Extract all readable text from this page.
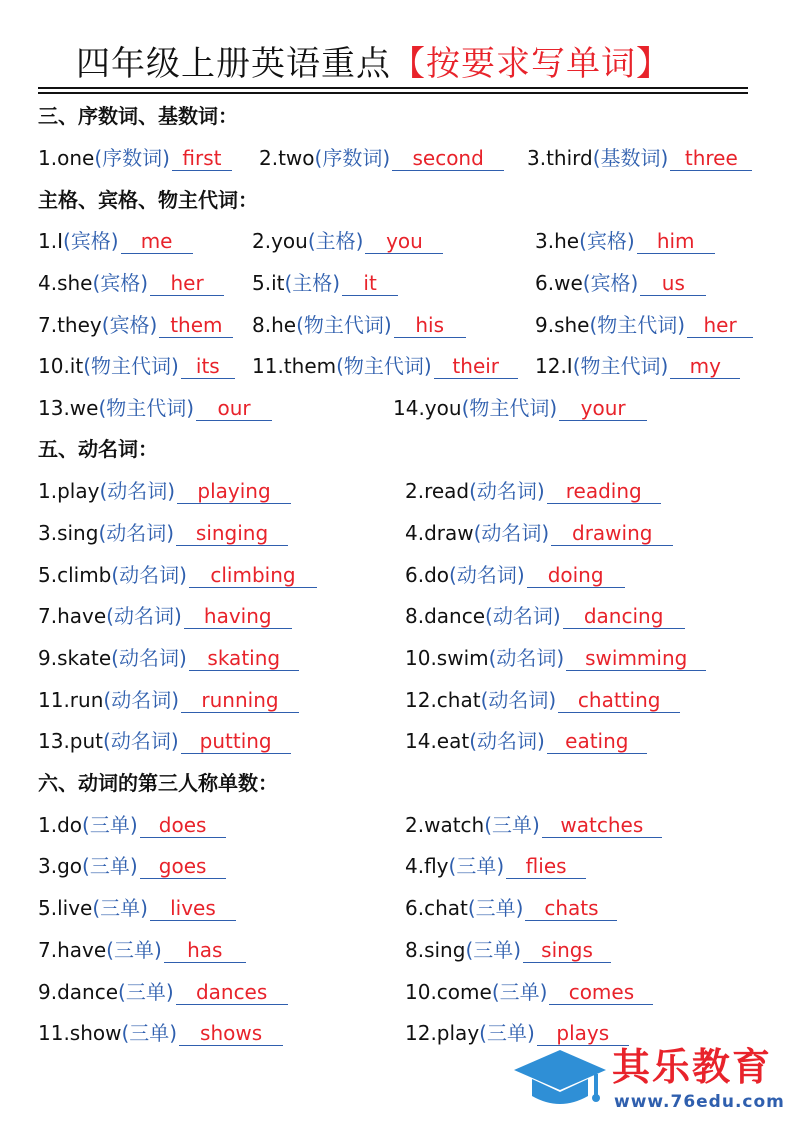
四年级上册英语重点【按要求写单词】
三、序数词、基数词：
主格、宾格、物主代词：
五、动名词：
六、动词的第三人称单数：
1.one(序数词) first	2.two(序数词) second	3.third(基数词) three
1.I(宾格) me	2.you(主格) you	3.he(宾格) him
4.she(宾格) her	5.it(主格) it	6.we(宾格) us
7.they(宾格) them	8.he(物主代词) his	9.she(物主代词) her
10.it(物主代词) its	11.them(物主代词) their	12.I(物主代词) my
13.we(物主代词) our	14.you(物主代词) your
1.play(动名词) playing	2.read(动名词) reading
3.sing(动名词) singing	4.draw(动名词) drawing
5.climb(动名词) climbing	6.do(动名词) doing
7.have(动名词) having	8.dance(动名词) dancing
9.skate(动名词) skating	10.swim(动名词) swimming
11.run(动名词) running	12.chat(动名词) chatting
13.put(动名词) putting	14.eat(动名词) eating
1.do(三单) does	2.watch(三单) watches
3.go(三单) goes	4.fly(三单) flies
5.live(三单) lives	6.chat(三单) chats
7.have(三单) has	8.sing(三单) sings
9.dance(三单) dances	10.come(三单) comes
11.show(三单) shows	12.play(三单) plays
其乐教育
www.76edu.com
